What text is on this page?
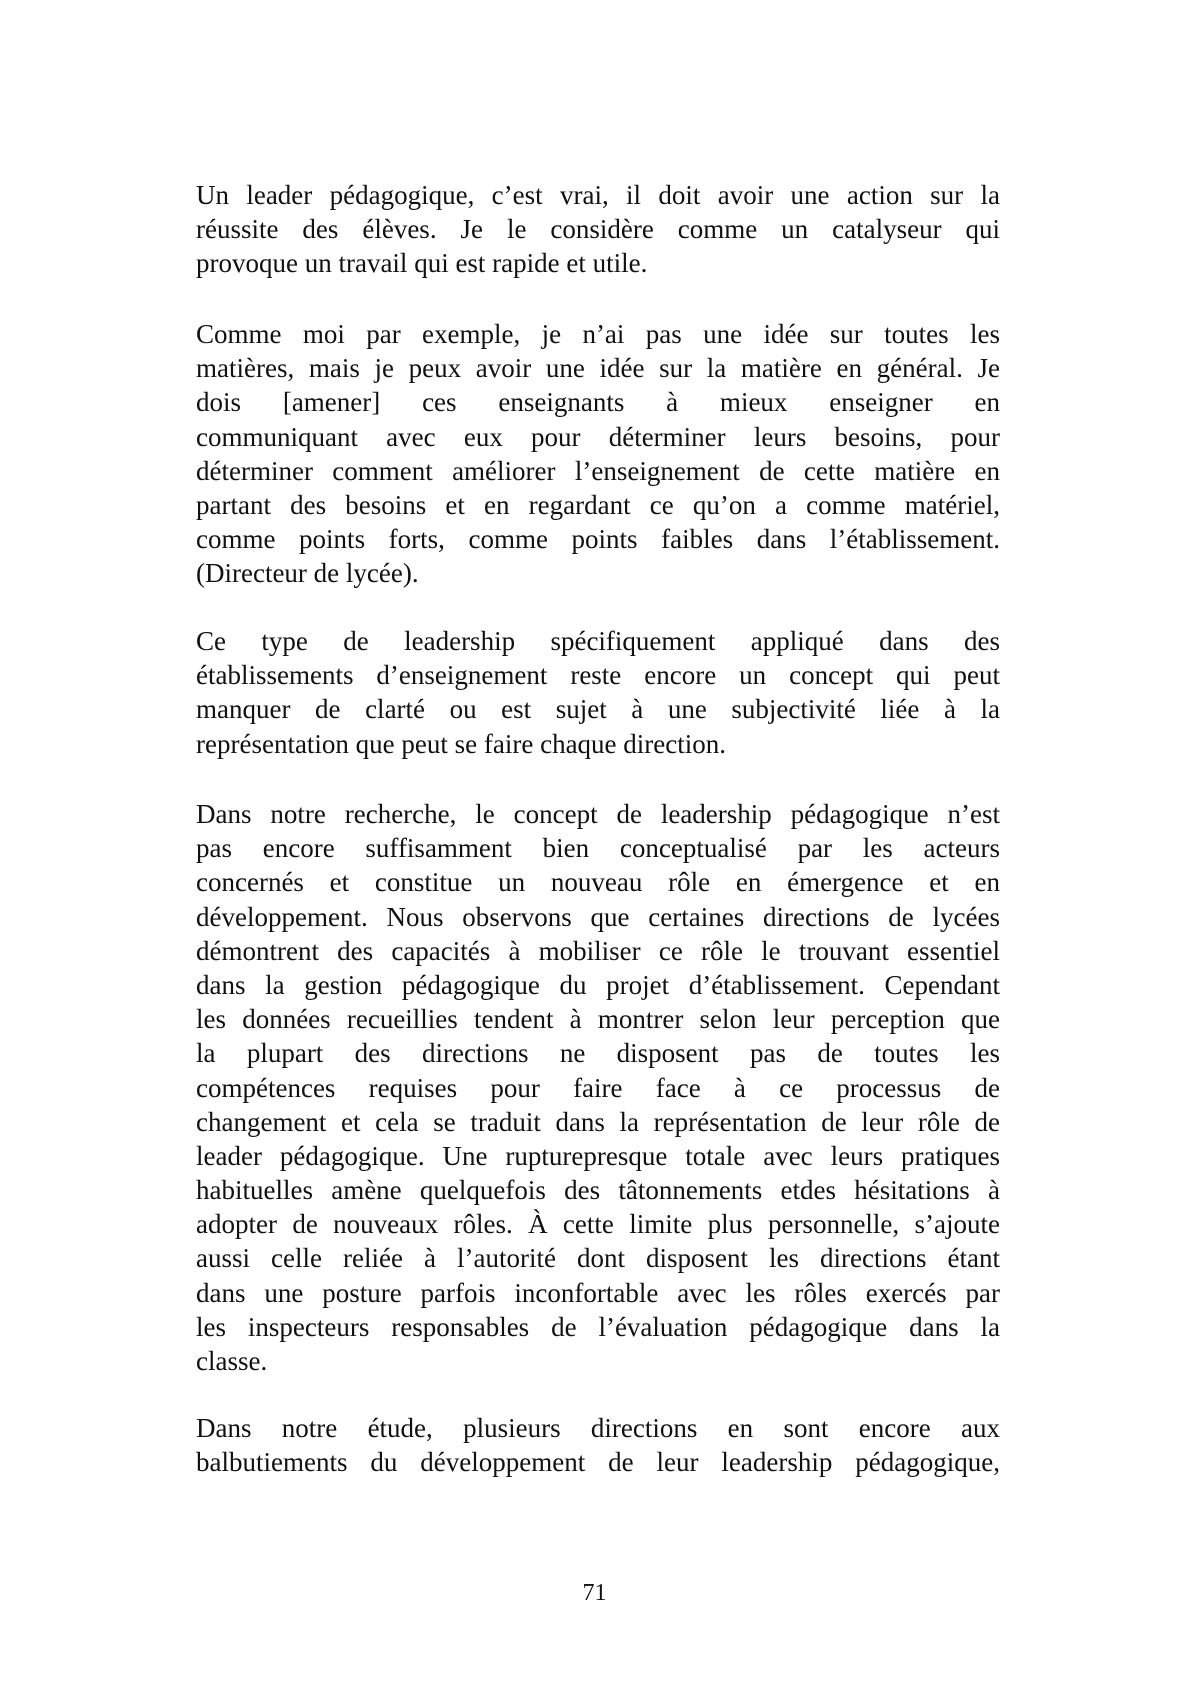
Un leader pédagogique, c’est vrai, il doit avoir une action sur la
réussite des élèves. Je le considère comme un catalyseur qui
provoque un travail qui est rapide et utile.
Comme moi par exemple, je n’ai pas une idée sur toutes les
matières, mais je peux avoir une idée sur la matière en général. Je
dois [amener] ces enseignants à mieux enseigner en
communiquant avec eux pour déterminer leurs besoins, pour
déterminer comment améliorer l’enseignement de cette matière en
partant des besoins et en regardant ce qu’on a comme matériel,
comme points forts, comme points faibles dans l’établissement.
(Directeur de lycée).
Ce type de leadership spécifiquement appliqué dans des
établissements d’enseignement reste encore un concept qui peut
manquer de clarté ou est sujet à une subjectivité liée à la
représentation que peut se faire chaque direction.
Dans notre recherche, le concept de leadership pédagogique n’est
pas encore suffisamment bien conceptualisé par les acteurs
concernés et constitue un nouveau rôle en émergence et en
développement. Nous observons que certaines directions de lycées
démontrent des capacités à mobiliser ce rôle le trouvant essentiel
dans la gestion pédagogique du projet d’établissement. Cependant
les données recueillies tendent à montrer selon leur perception que
la plupart des directions ne disposent pas de toutes les
compétences requises pour faire face à ce processus de
changement et cela se traduit dans la représentation de leur rôle de
leader pédagogique. Une rupturepresque totale avec leurs pratiques
habituelles amène quelquefois des tâtonnements etdes hésitations à
adopter de nouveaux rôles. À cette limite plus personnelle, s’ajoute
aussi celle reliée à l’autorité dont disposent les directions étant
dans une posture parfois inconfortable avec les rôles exercés par
les inspecteurs responsables de l’évaluation pédagogique dans la
classe.
Dans notre étude, plusieurs directions en sont encore aux
balbutiements du développement de leur leadership pédagogique,
71
